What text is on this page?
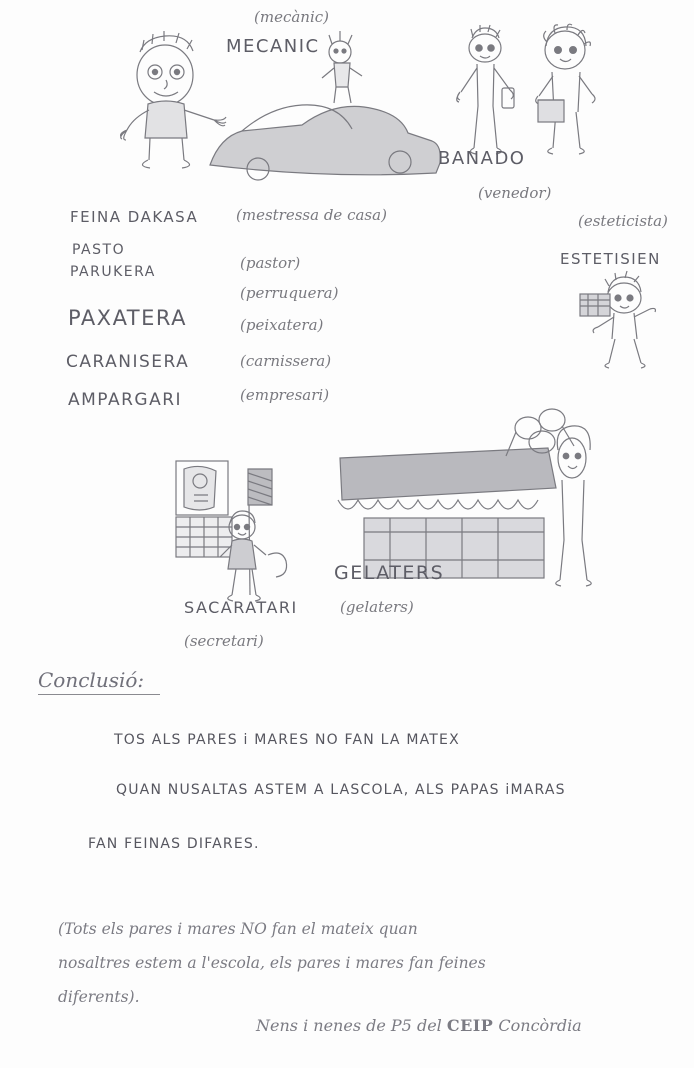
(mecànic)
MECANIC
BANADO
(venedor)
(esteticista)
ESTETISIEN
FEINA DAKASA	(mestressa de casa)
PASTO
(pastor)
PARUKERA
(perruquera)
PAXATERA	(peixatera)
CARANISERA	(carnissera)
AMPARGARI	(empresari)
SACARATARI
(secretari)
GELATERS
(gelaters)
Conclusió:
TOS ALS PARES i MARES NO FAN LA MATEX
QUAN NUSALTAS ASTEM A LASCOLA, ALS PAPAS iMARAS
FAN FEINAS DIFARES.
(Tots els pares i mares NO fan el mateix quan
nosaltres estem a l'escola, els pares i mares fan feines
diferents).
Nens i nenes de P5 del CEIP Concòrdia
